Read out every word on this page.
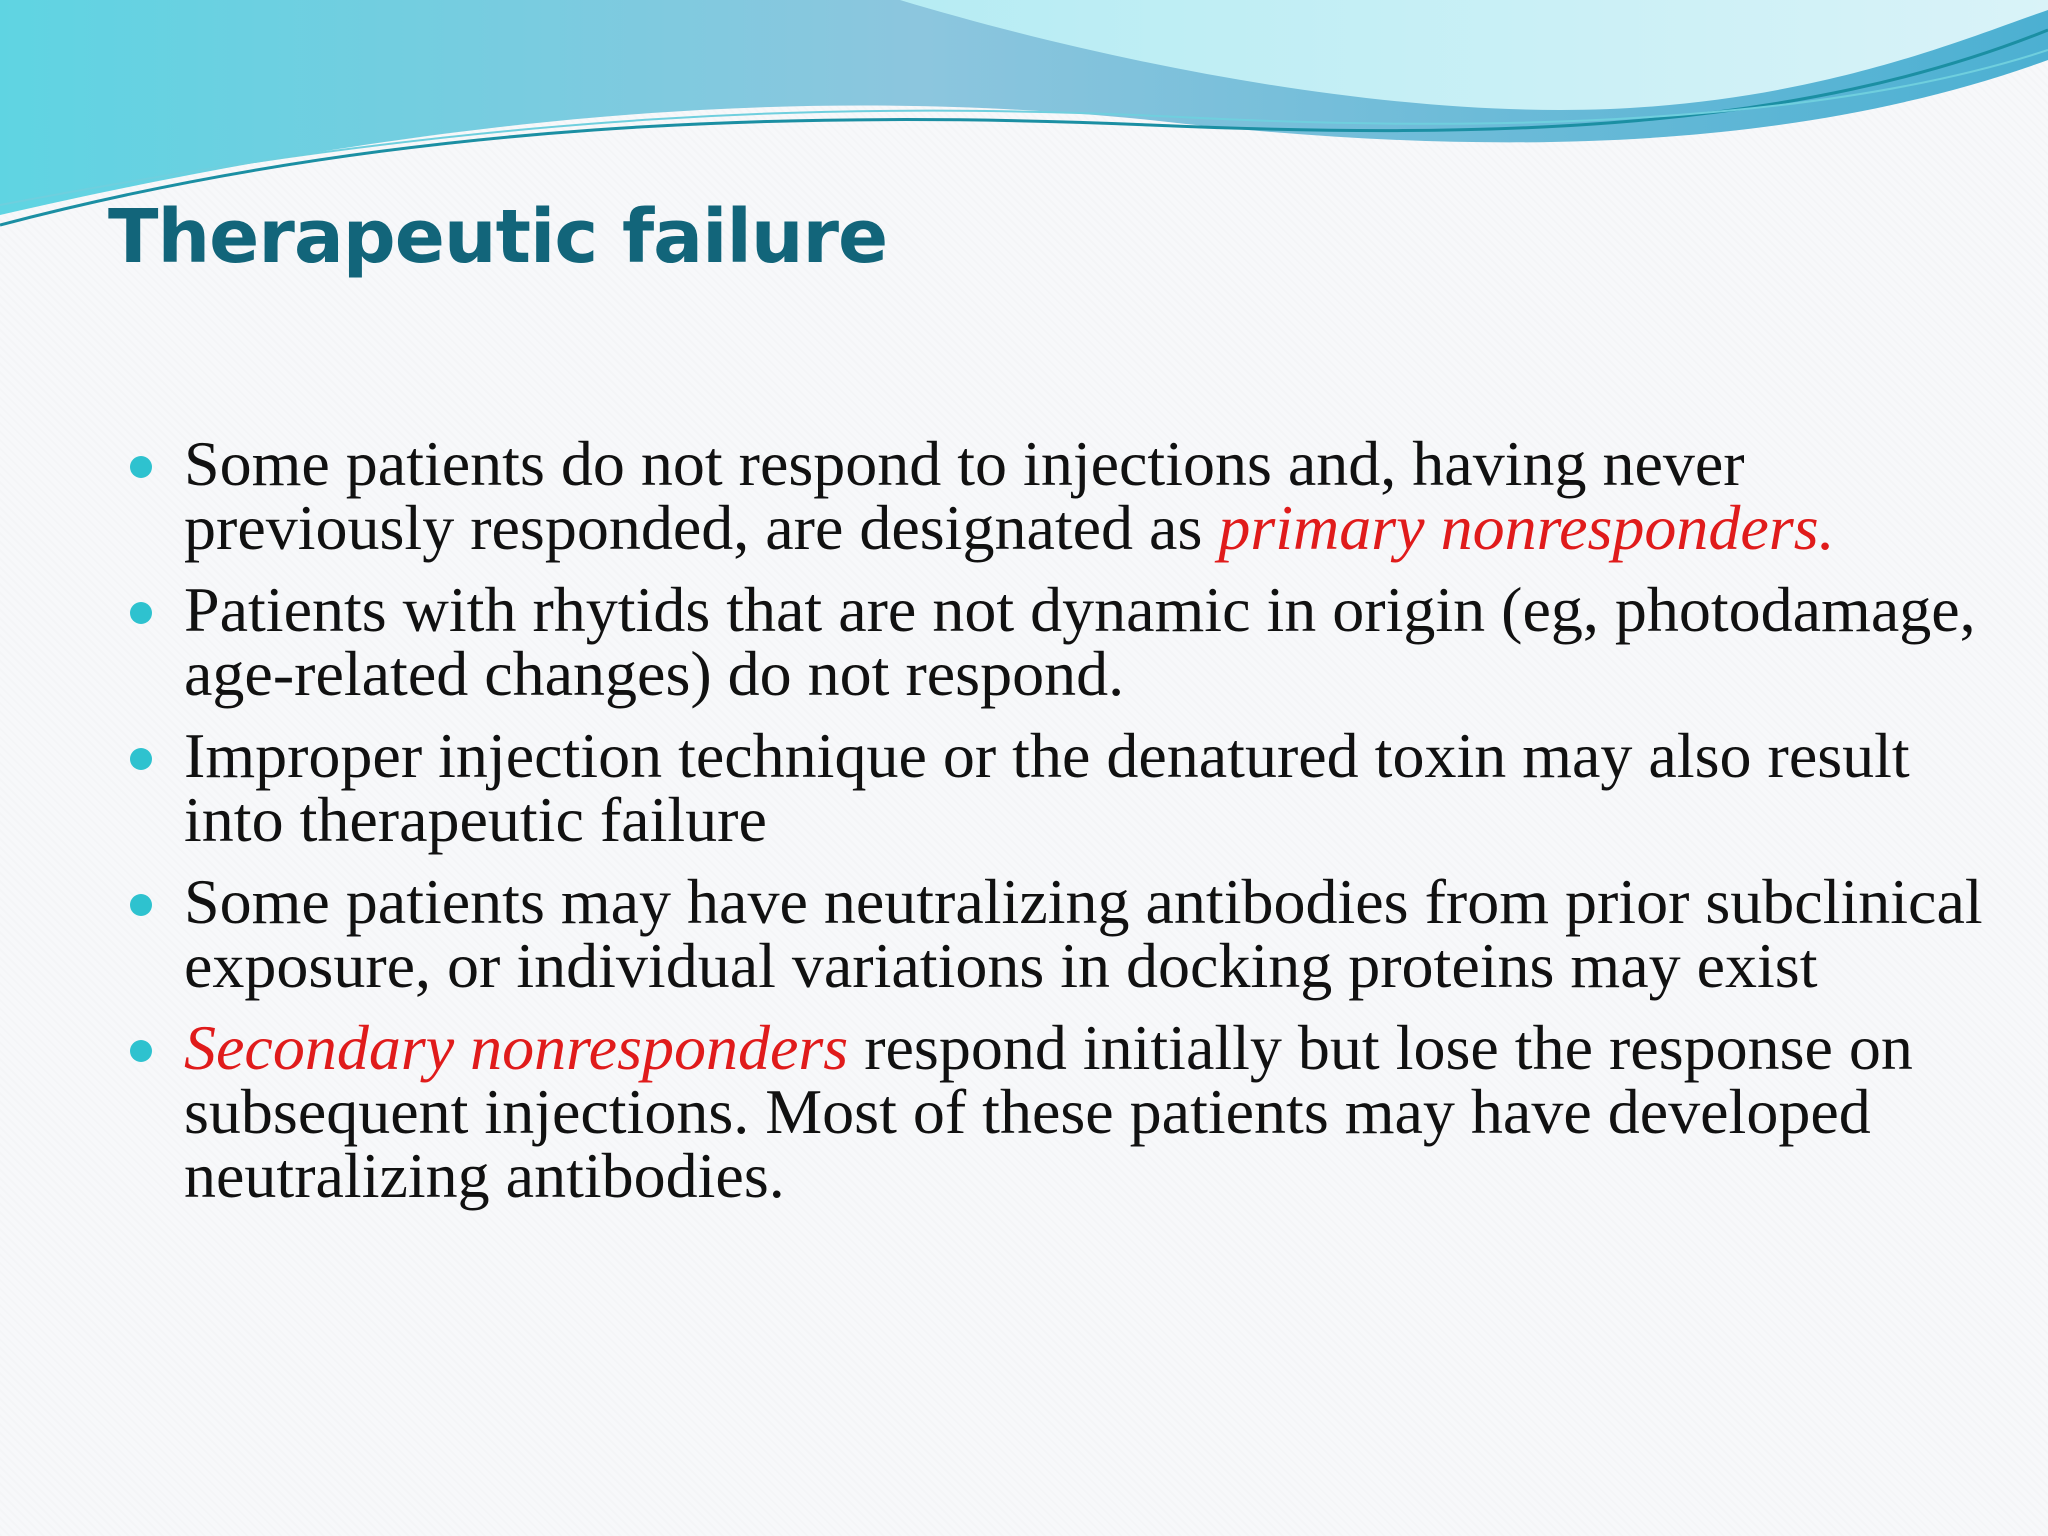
Therapeutic failure
Some patients do not respond to injections and, having never previously responded, are designated as primary nonresponders.
Patients with rhytids that are not dynamic in origin (eg, photodamage, age-related changes) do not respond.
Improper injection technique or the denatured toxin may also result into therapeutic failure
Some patients may have neutralizing antibodies from prior subclinical exposure, or individual variations in docking proteins may exist
Secondary nonresponders respond initially but lose the response on subsequent injections. Most of these patients may have developed neutralizing antibodies.
